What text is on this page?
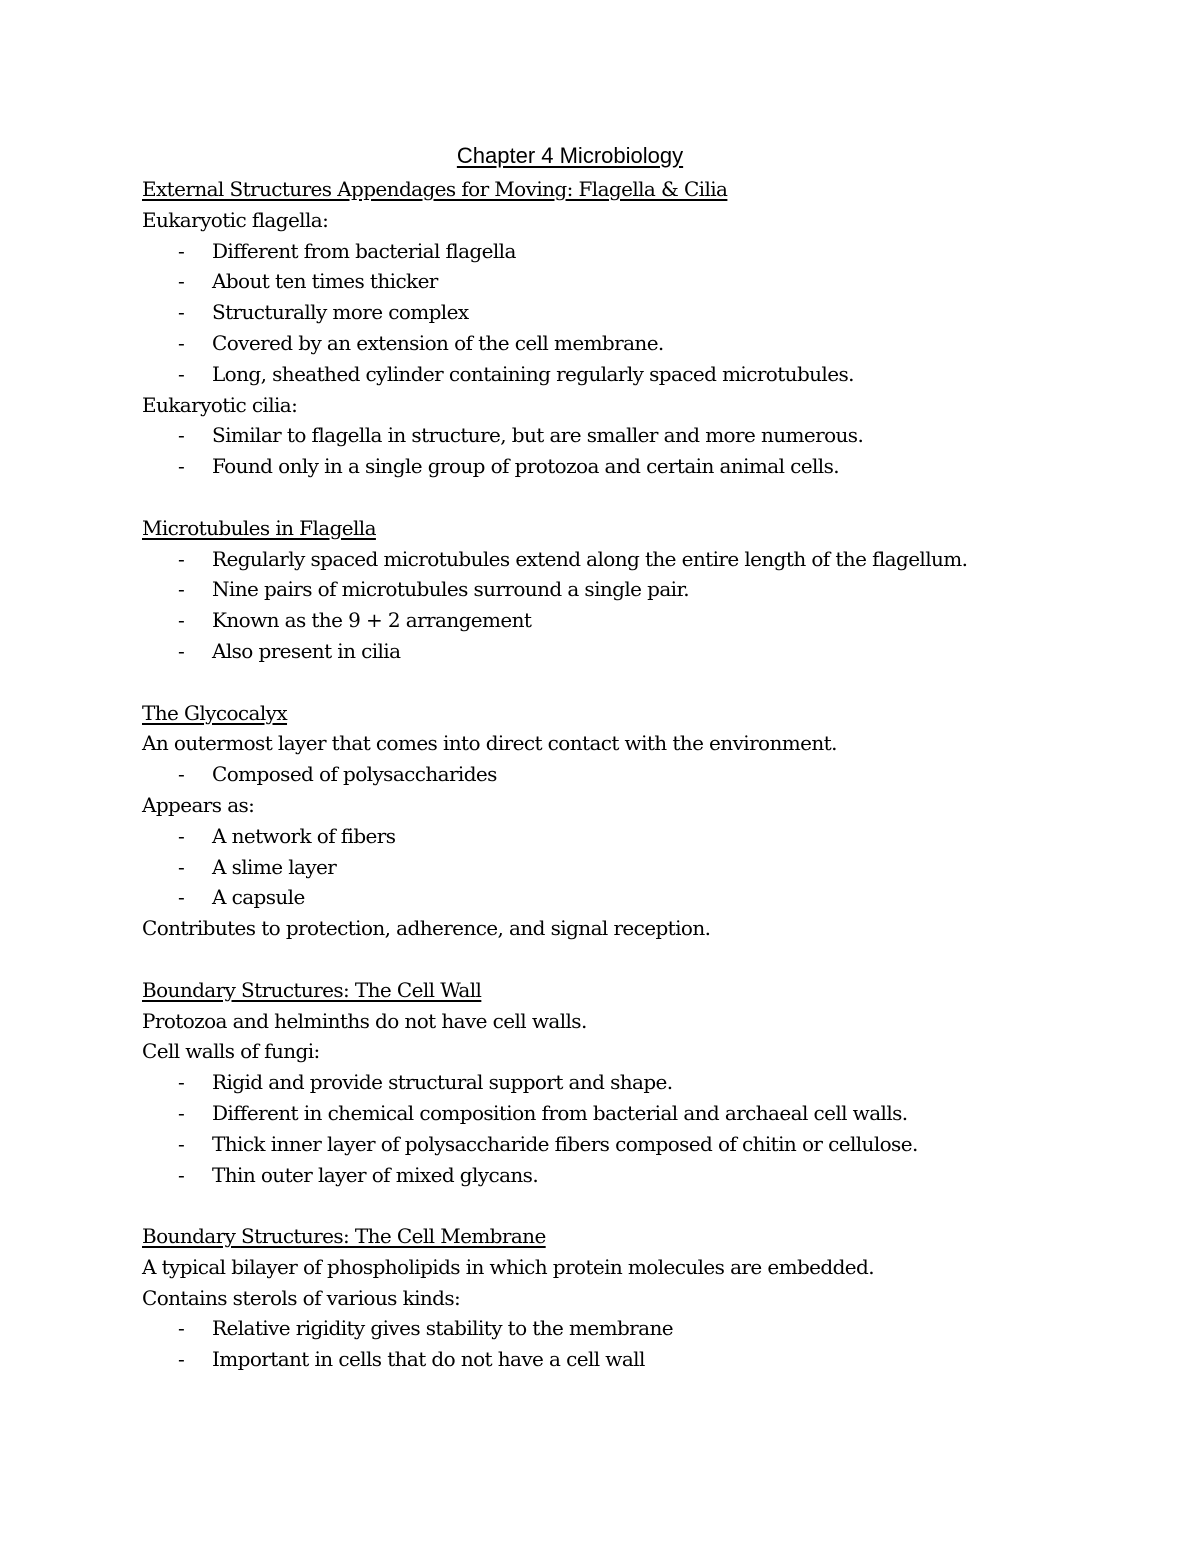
Chapter 4 Microbiology
External Structures Appendages for Moving: Flagella & Cilia
Eukaryotic flagella:
- Different from bacterial flagella
- About ten times thicker
- Structurally more complex
- Covered by an extension of the cell membrane.
- Long, sheathed cylinder containing regularly spaced microtubules.
Eukaryotic cilia:
- Similar to flagella in structure, but are smaller and more numerous.
- Found only in a single group of protozoa and certain animal cells.
Microtubules in Flagella
- Regularly spaced microtubules extend along the entire length of the flagellum.
- Nine pairs of microtubules surround a single pair.
- Known as the 9 + 2 arrangement
- Also present in cilia
The Glycocalyx
An outermost layer that comes into direct contact with the environment.
- Composed of polysaccharides
Appears as:
- A network of fibers
- A slime layer
- A capsule
Contributes to protection, adherence, and signal reception.
Boundary Structures: The Cell Wall
Protozoa and helminths do not have cell walls.
Cell walls of fungi:
- Rigid and provide structural support and shape.
- Different in chemical composition from bacterial and archaeal cell walls.
- Thick inner layer of polysaccharide fibers composed of chitin or cellulose.
- Thin outer layer of mixed glycans.
Boundary Structures: The Cell Membrane
A typical bilayer of phospholipids in which protein molecules are embedded.
Contains sterols of various kinds:
- Relative rigidity gives stability to the membrane
- Important in cells that do not have a cell wall
